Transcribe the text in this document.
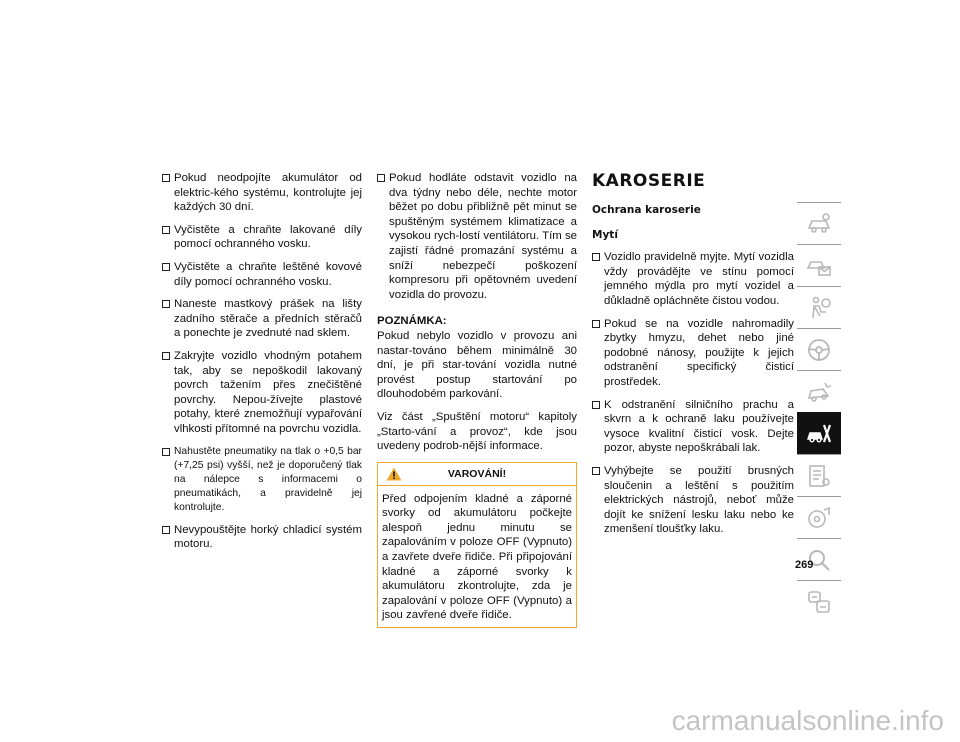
Pokud neodpojíte akumulátor od elektric-kého systému, kontrolujte jej každých 30 dní.
Vyčistěte a chraňte lakované díly pomocí ochranného vosku.
Vyčistěte a chraňte leštěné kovové díly pomocí ochranného vosku.
Naneste mastkový prášek na lišty zadního stěrače a předních stěračů a ponechte je zvednuté nad sklem.
Zakryjte vozidlo vhodným potahem tak, aby se nepoškodil lakovaný povrch tažením přes znečištěné povrchy. Nepou-žívejte plastové potahy, které znemožňují vypařování vlhkosti přítomné na povrchu vozidla.
Nahustěte pneumatiky na tlak o +0,5 bar (+7,25 psi) vyšší, než je doporučený tlak na nálepce s informacemi o pneumatikách, a pravidelně jej kontrolujte.
Nevypouštějte horký chladicí systém motoru.
Pokud hodláte odstavit vozidlo na dva týdny nebo déle, nechte motor běžet po dobu přibližně pět minut se spuštěným systémem klimatizace a vysokou rych-lostí ventilátoru. Tím se zajistí řádné promazání systému a sníží nebezpečí poškození kompresoru při opětovném uvedení vozidla do provozu.
POZNÁMKA:
Pokud nebylo vozidlo v provozu ani nastar-továno během minimálně 30 dní, je při star-tování vozidla nutné provést postup startování po dlouhodobém parkování.
Viz část „Spuštění motoru“ kapitoly „Starto-vání a provoz“, kde jsou uvedeny podrob-nější informace.
VAROVÁNÍ!
Před odpojením kladné a záporné svorky od akumulátoru počkejte alespoň jednu minutu se zapalováním v poloze OFF (Vypnuto) a zavřete dveře řidiče. Při připojování kladné a záporné svorky k akumulátoru zkontrolujte, zda je zapalování v poloze OFF (Vypnuto) a jsou zavřené dveře řidiče.
KAROSERIE
Ochrana karoserie
Mytí
Vozidlo pravidelně myjte. Mytí vozidla vždy provádějte ve stínu pomocí jemného mýdla pro mytí vozidel a důkladně opláchněte čistou vodou.
Pokud se na vozidle nahromadily zbytky hmyzu, dehet nebo jiné podobné nánosy, použijte k jejich odstranění specifický čisticí prostředek.
K odstranění silničního prachu a skvrn a k ochraně laku používejte vysoce kvalitní čisticí vosk. Dejte pozor, abyste nepoškrábali lak.
Vyhýbejte se použití brusných sloučenin a leštění s použitím elektrických nástrojů, neboť může dojít ke snížení lesku laku nebo ke zmenšení tloušťky laku.
269
carmanualsonline.info
